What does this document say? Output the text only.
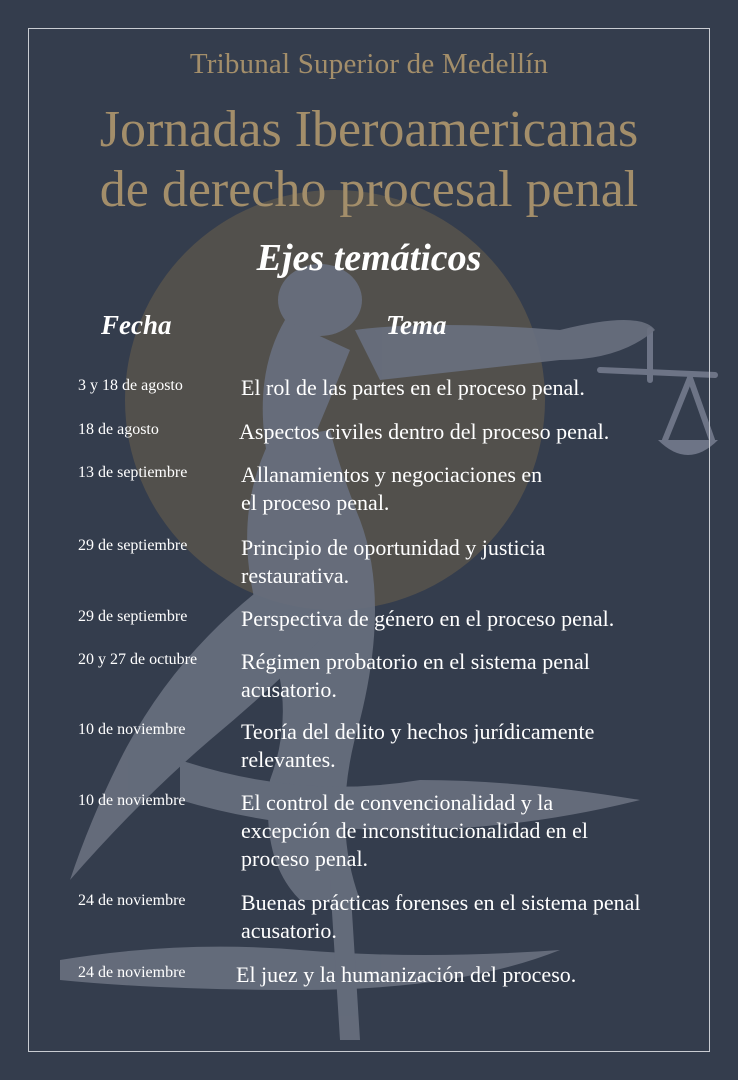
Tribunal Superior de Medellín
Jornadas Iberoamericanas
de derecho procesal penal
Ejes temáticos
Fecha	Tema
3 y 18 de agosto	El rol de las partes en el proceso penal.
18 de agosto	Aspectos civiles dentro del proceso penal.
13 de septiembre Allanamientos y negociaciones en
el proceso penal.
29 de septiembre Principio de oportunidad y justicia
restaurativa.
29 de septiembre Perspectiva de género en el proceso penal.
20 y 27 de octubre Régimen probatorio en el sistema penal
acusatorio.
10 de noviembre	Teoría del delito y hechos jurídicamente
relevantes.
10 de noviembre	El control de convencionalidad y la
excepción de inconstitucionalidad en el
proceso penal.
24 de noviembre	Buenas prácticas forenses en el sistema penal
acusatorio.
24 de noviembre El juez y la humanización del proceso.
